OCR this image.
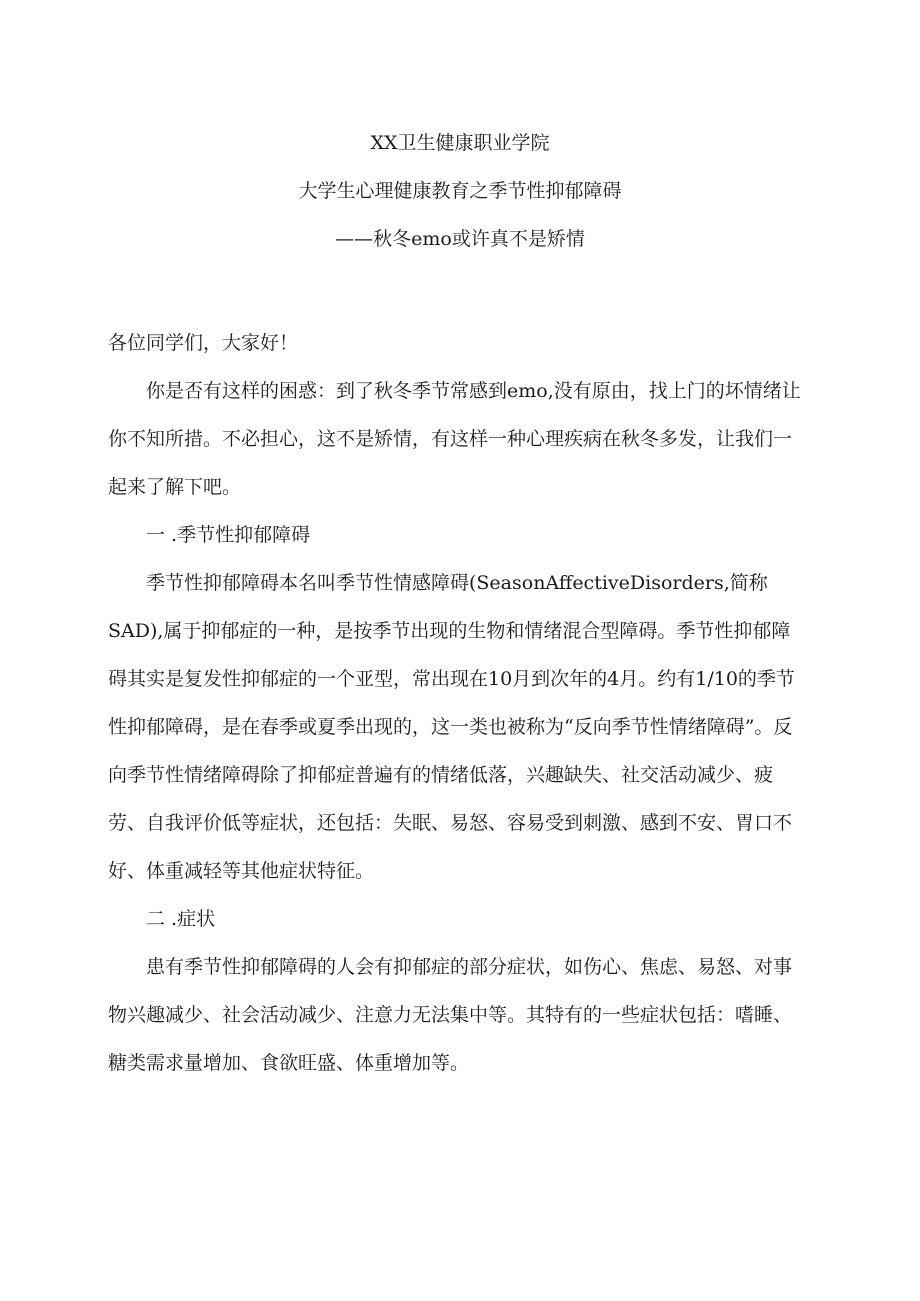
XX卫生健康职业学院
大学生心理健康教育之季节性抑郁障碍
——秋冬emo或许真不是矫情

各位同学们，大家好！

你是否有这样的困惑：到了秋冬季节常感到emo,没有原由，找上门的坏情绪让你不知所措。不必担心，这不是矫情，有这样一种心理疾病在秋冬多发，让我们一起来了解下吧。

一 .季节性抑郁障碍

季节性抑郁障碍本名叫季节性情感障碍(SeasonAffectiveDisorders,简称SAD),属于抑郁症的一种，是按季节出现的生物和情绪混合型障碍。季节性抑郁障碍其实是复发性抑郁症的一个亚型，常出现在10月到次年的4月。约有1/10的季节性抑郁障碍，是在春季或夏季出现的，这一类也被称为“反向季节性情绪障碍”。反向季节性情绪障碍除了抑郁症普遍有的情绪低落，兴趣缺失、社交活动减少、疲劳、自我评价低等症状，还包括：失眠、易怒、容易受到刺激、感到不安、胃口不好、体重减轻等其他症状特征。

二 .症状

患有季节性抑郁障碍的人会有抑郁症的部分症状，如伤心、焦虑、易怒、对事物兴趣减少、社会活动减少、注意力无法集中等。其特有的一些症状包括：嗜睡、糖类需求量增加、食欲旺盛、体重增加等。
